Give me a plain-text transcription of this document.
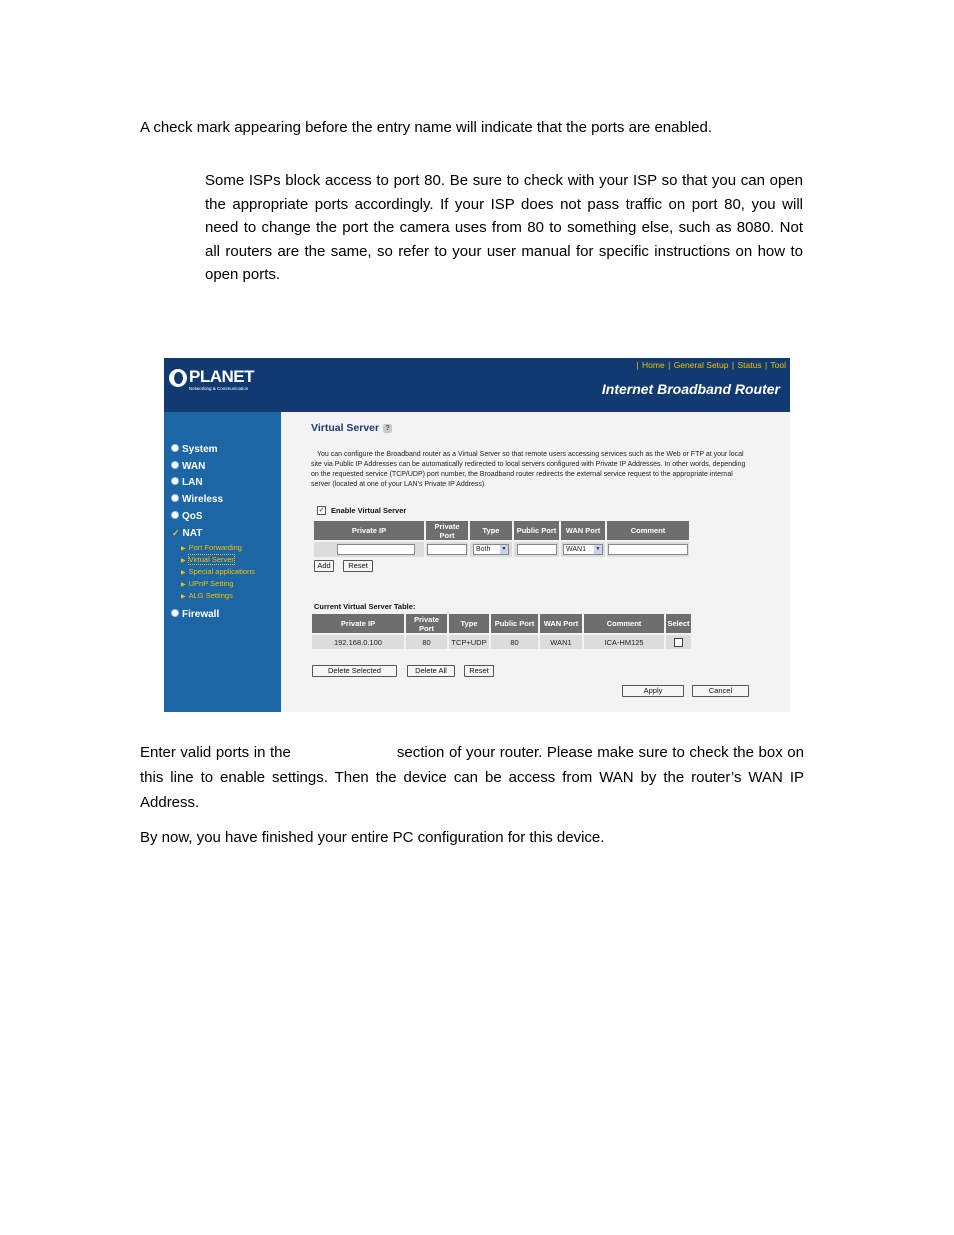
A check mark appearing before the entry name will indicate that the ports are enabled.

Some ISPs block access to port 80. Be sure to check with your ISP so that you can open the appropriate ports accordingly. If your ISP does not pass traffic on port 80, you will need to change the port the camera uses from 80 to something else, such as 8080. Not all routers are the same, so refer to your user manual for specific instructions on how to open ports.

PLANET
Networking & Communication
| Home | General Setup | Status | Tool
Internet Broadband Router
System
WAN
LAN
Wireless
QoS
✓ NAT
▶ Port Forwarding
▶ Virtual Server
▶ Special applications
▶ UPnP Setting
▶ ALG Settings
Firewall
Virtual Server ?
You can configure the Broadband router as a Virtual Server so that remote users accessing services such as the Web or FTP at your local site via Public IP Addresses can be automatically redirected to local servers configured with Private IP Addresses. In other words, depending on the requested service (TCP/UDP) port number, the Broadband router redirects the external service request to the appropriate internal server (located at one of your LAN's Private IP Address).
✓ Enable Virtual Server
Private IP	Private Port	Type	Public Port	WAN Port	Comment
		Both ▼		WAN1 ▼	

Add	Reset
Current Virtual Server Table:
Private IP	Private Port	Type	Public Port	WAN Port	Comment	Select
192.168.0.100	80	TCP+UDP	80	WAN1	ICA-HM125	
Delete Selected	Delete All	Reset
Apply	Cancel

Enter valid ports in the	section of your router. Please make sure to check the box on this line to enable settings. Then the device can be access from WAN by the router’s WAN IP Address.

By now, you have finished your entire PC configuration for this device.
